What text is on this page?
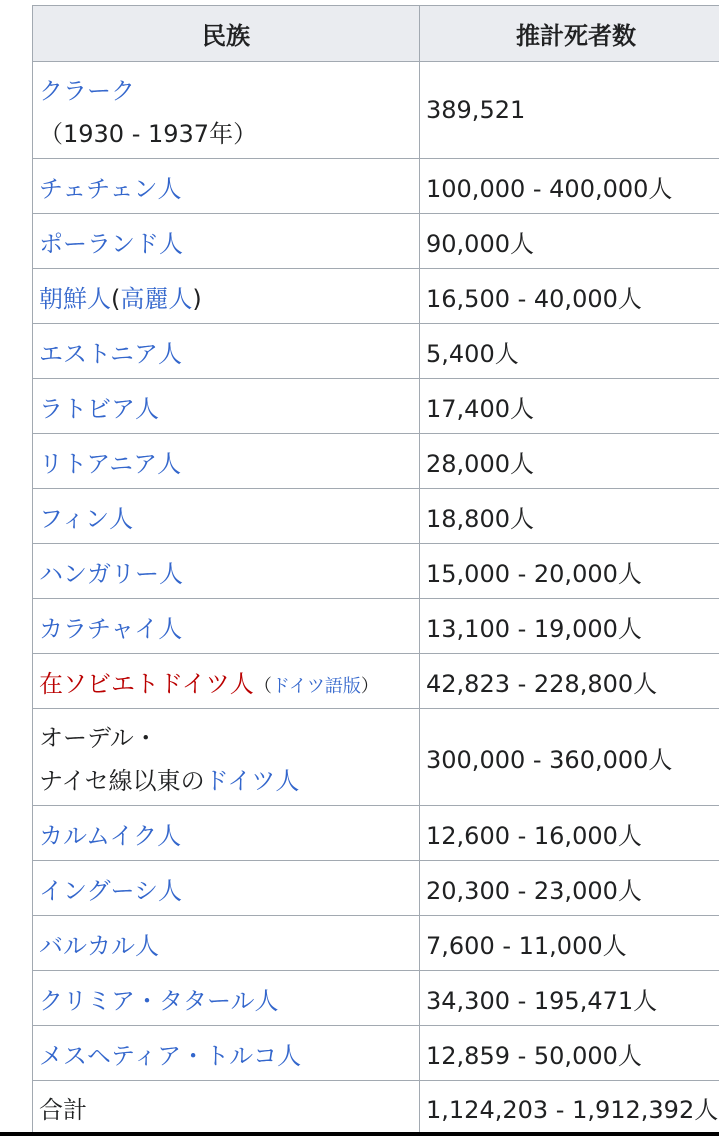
民族	推計死者数
クラーク
（1930 - 1937年）	389,521
チェチェン人	100,000 - 400,000人
ポーランド人	90,000人
朝鮮人(高麗人)	16,500 - 40,000人
エストニア人	5,400人
ラトビア人	17,400人
リトアニア人	28,000人
フィン人	18,800人
ハンガリー人	15,000 - 20,000人
カラチャイ人	13,100 - 19,000人
在ソビエトドイツ人（ドイツ語版）	42,823 - 228,800人
オーデル・
ナイセ線以東のドイツ人	300,000 - 360,000人
カルムイク人	12,600 - 16,000人
イングーシ人	20,300 - 23,000人
バルカル人	7,600 - 11,000人
クリミア・タタール人	34,300 - 195,471人
メスヘティア・トルコ人	12,859 - 50,000人
合計	1,124,203 - 1,912,392人
